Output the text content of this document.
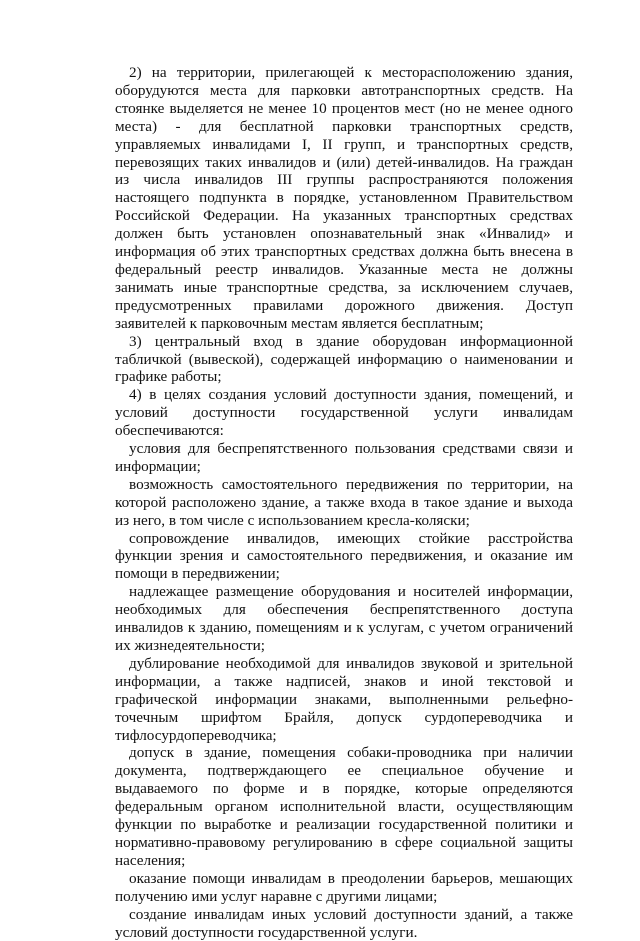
2) на территории, прилегающей к месторасположению здания, оборудуются места для парковки автотранспортных средств. На стоянке выделяется не менее 10 процентов мест (но не менее одного места) - для бесплатной парковки транспортных средств, управляемых инвалидами I, II групп, и транспортных средств, перевозящих таких инвалидов и (или) детей-инвалидов. На граждан из числа инвалидов III группы распространяются положения настоящего подпункта в порядке, установленном Правительством Российской Федерации. На указанных транспортных средствах должен быть установлен опознавательный знак «Инвалид» и информация об этих транспортных средствах должна быть внесена в федеральный реестр инвалидов. Указанные места не должны занимать иные транспортные средства, за исключением случаев, предусмотренных правилами дорожного движения. Доступ заявителей к парковочным местам является бесплатным;

3) центральный вход в здание оборудован информационной табличкой (вывеской), содержащей информацию о наименовании и графике работы;

4) в целях создания условий доступности здания, помещений, и условий доступности государственной услуги инвалидам обеспечиваются:

условия для беспрепятственного пользования средствами связи и информации;

возможность самостоятельного передвижения по территории, на которой расположено здание, а также входа в такое здание и выхода из него, в том числе с использованием кресла-коляски;

сопровождение инвалидов, имеющих стойкие расстройства функции зрения и самостоятельного передвижения, и оказание им помощи в передвижении;

надлежащее размещение оборудования и носителей информации, необходимых для обеспечения беспрепятственного доступа инвалидов к зданию, помещениям и к услугам, с учетом ограничений их жизнедеятельности;

дублирование необходимой для инвалидов звуковой и зрительной информации, а также надписей, знаков и иной текстовой и графической информации знаками, выполненными рельефно-точечным шрифтом Брайля, допуск сурдопереводчика и тифлосурдопереводчика;

допуск в здание, помещения собаки-проводника при наличии документа, подтверждающего ее специальное обучение и выдаваемого по форме и в порядке, которые определяются федеральным органом исполнительной власти, осуществляющим функции по выработке и реализации государственной политики и нормативно-правовому регулированию в сфере социальной защиты населения;

оказание помощи инвалидам в преодолении барьеров, мешающих получению ими услуг наравне с другими лицами;

создание инвалидам иных условий доступности зданий, а также условий доступности государственной услуги.
